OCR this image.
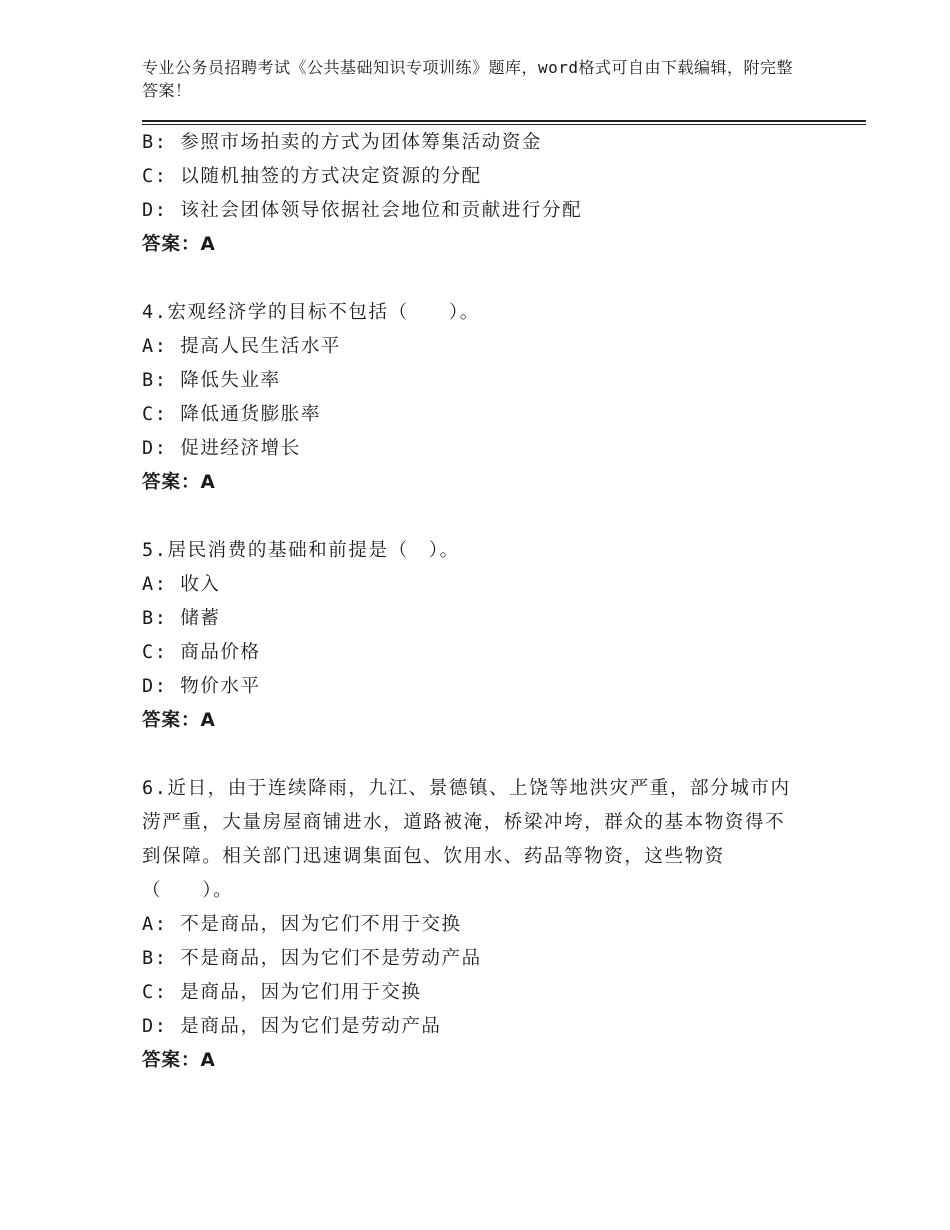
专业公务员招聘考试《公共基础知识专项训练》题库，word格式可自由下载编辑，附完整答案！
B: 参照市场拍卖的方式为团体筹集活动资金
C: 以随机抽签的方式决定资源的分配
D: 该社会团体领导依据社会地位和贡献进行分配
答案：A
4.宏观经济学的目标不包括（　　）。
A: 提高人民生活水平
B: 降低失业率
C: 降低通货膨胀率
D: 促进经济增长
答案：A
5.居民消费的基础和前提是（　）。
A: 收入
B: 储蓄
C: 商品价格
D: 物价水平
答案：A
6.近日，由于连续降雨，九江、景德镇、上饶等地洪灾严重，部分城市内涝严重，大量房屋商铺进水，道路被淹，桥梁冲垮，群众的基本物资得不到保障。相关部门迅速调集面包、饮用水、药品等物资，这些物资（　　）。
A: 不是商品，因为它们不用于交换
B: 不是商品，因为它们不是劳动产品
C: 是商品，因为它们用于交换
D: 是商品，因为它们是劳动产品
答案：A
